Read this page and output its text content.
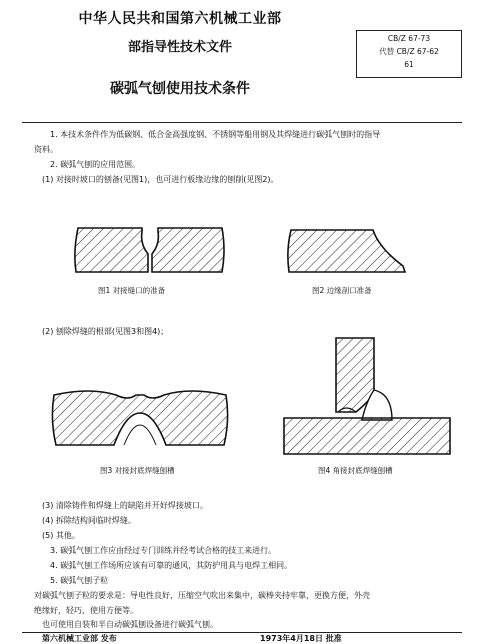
中华人民共和国第六机械工业部
部指导性技术文件
碳弧气刨使用技术条件
CB/Z 67-73
代替 CB/Z 67-62
61
1. 本技术条件作为低碳钢、低合金高强度钢、不锈钢等船用钢及其焊缝进行碳弧气刨时的指导
资料。
2. 碳弧气刨的应用范围。
(1) 对接时坡口的刨备(见图1)，也可进行板缘边缘的刨削(见图2)。
图1 对接缝口的准备	图2 边缘剖口准备
(2) 刨除焊缝的根部(见图3和图4)；
图3 对接封底焊缝刨槽	图4 角接封底焊缝刨槽
(3) 清除铸件和焊缝上的缺陷并开好焊接坡口。
(4) 拆除结构间临时焊缝。
(5) 其他。
3. 碳弧气刨工作应由经过专门训练并经考试合格的技工来进行。
4. 碳弧气刨工作场所应该有可靠的通风，其防护用具与电焊工相同。
5. 碳弧气刨子粒
对碳弧气刨子粒的要求是：导电性良好，压缩空气吹出来集中，碳棒夹持牢靠，更换方便，外壳
绝缘好，轻巧，使用方便等。
也可使用自装和半自动碳弧刨设备进行碳弧气刨。
第六机械工业部 发布	1973年4月18日 批准
